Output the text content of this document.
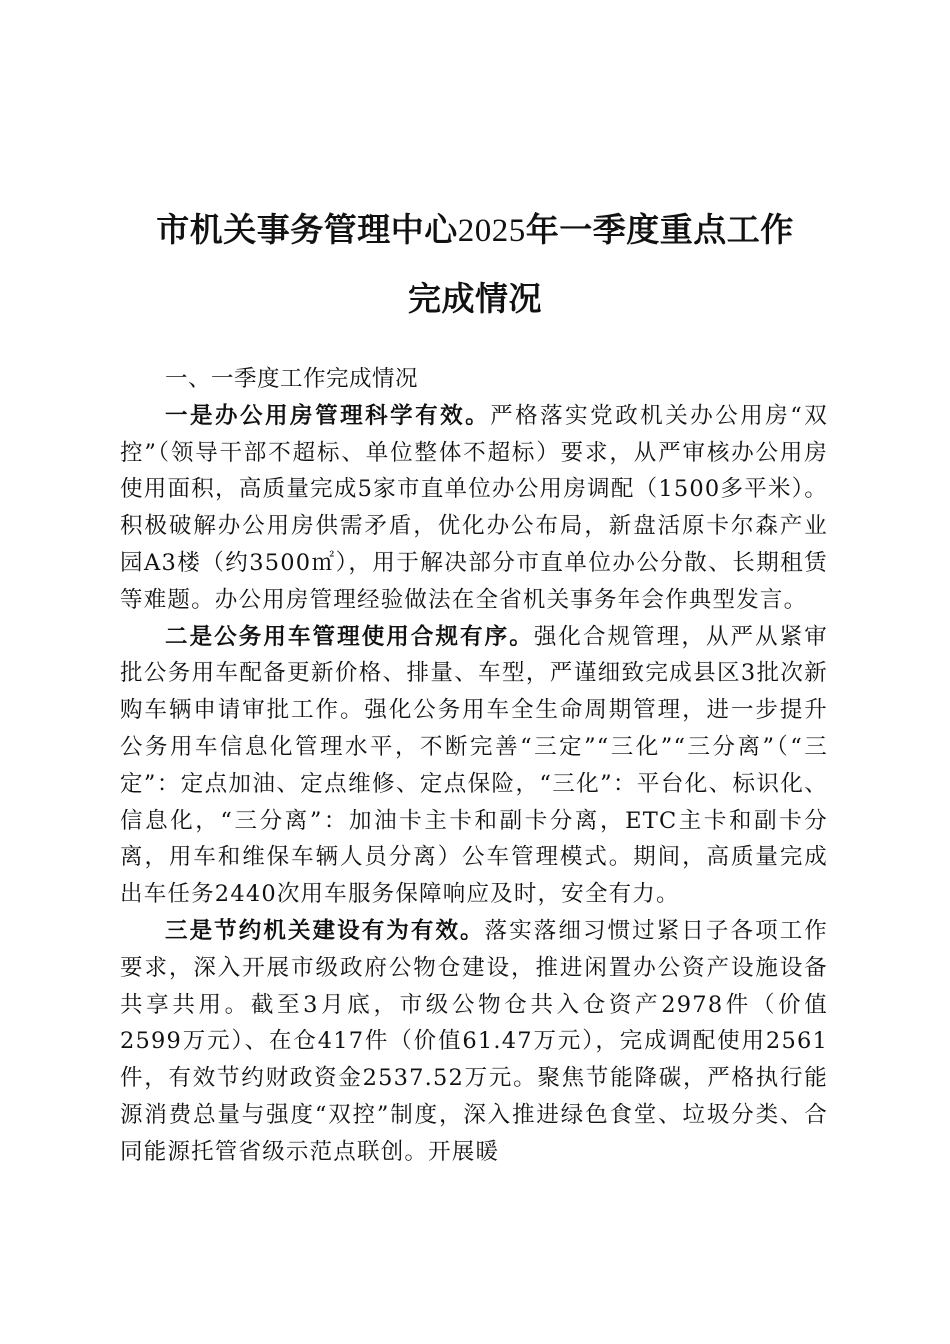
市机关事务管理中心2025年一季度重点工作
完成情况

一、一季度工作完成情况

一是办公用房管理科学有效。严格落实党政机关办公用房“双控”（领导干部不超标、单位整体不超标）要求，从严审核办公用房使用面积，高质量完成5家市直单位办公用房调配（1500多平米）。积极破解办公用房供需矛盾，优化办公布局，新盘活原卡尔森产业园A3楼（约3500㎡），用于解决部分市直单位办公分散、长期租赁等难题。办公用房管理经验做法在全省机关事务年会作典型发言。

二是公务用车管理使用合规有序。强化合规管理，从严从紧审批公务用车配备更新价格、排量、车型，严谨细致完成县区3批次新购车辆申请审批工作。强化公务用车全生命周期管理，进一步提升公务用车信息化管理水平，不断完善“三定”“三化”“三分离”（“三定”：定点加油、定点维修、定点保险，“三化”：平台化、标识化、信息化，“三分离”：加油卡主卡和副卡分离，ETC主卡和副卡分离，用车和维保车辆人员分离）公车管理模式。期间，高质量完成出车任务2440次用车服务保障响应及时，安全有力。

三是节约机关建设有为有效。落实落细习惯过紧日子各项工作要求，深入开展市级政府公物仓建设，推进闲置办公资产设施设备共享共用。截至3月底，市级公物仓共入仓资产2978件（价值2599万元）、在仓417件（价值61.47万元），完成调配使用2561件，有效节约财政资金2537.52万元。聚焦节能降碳，严格执行能源消费总量与强度“双控”制度，深入推进绿色食堂、垃圾分类、合同能源托管省级示范点联创。开展暖
